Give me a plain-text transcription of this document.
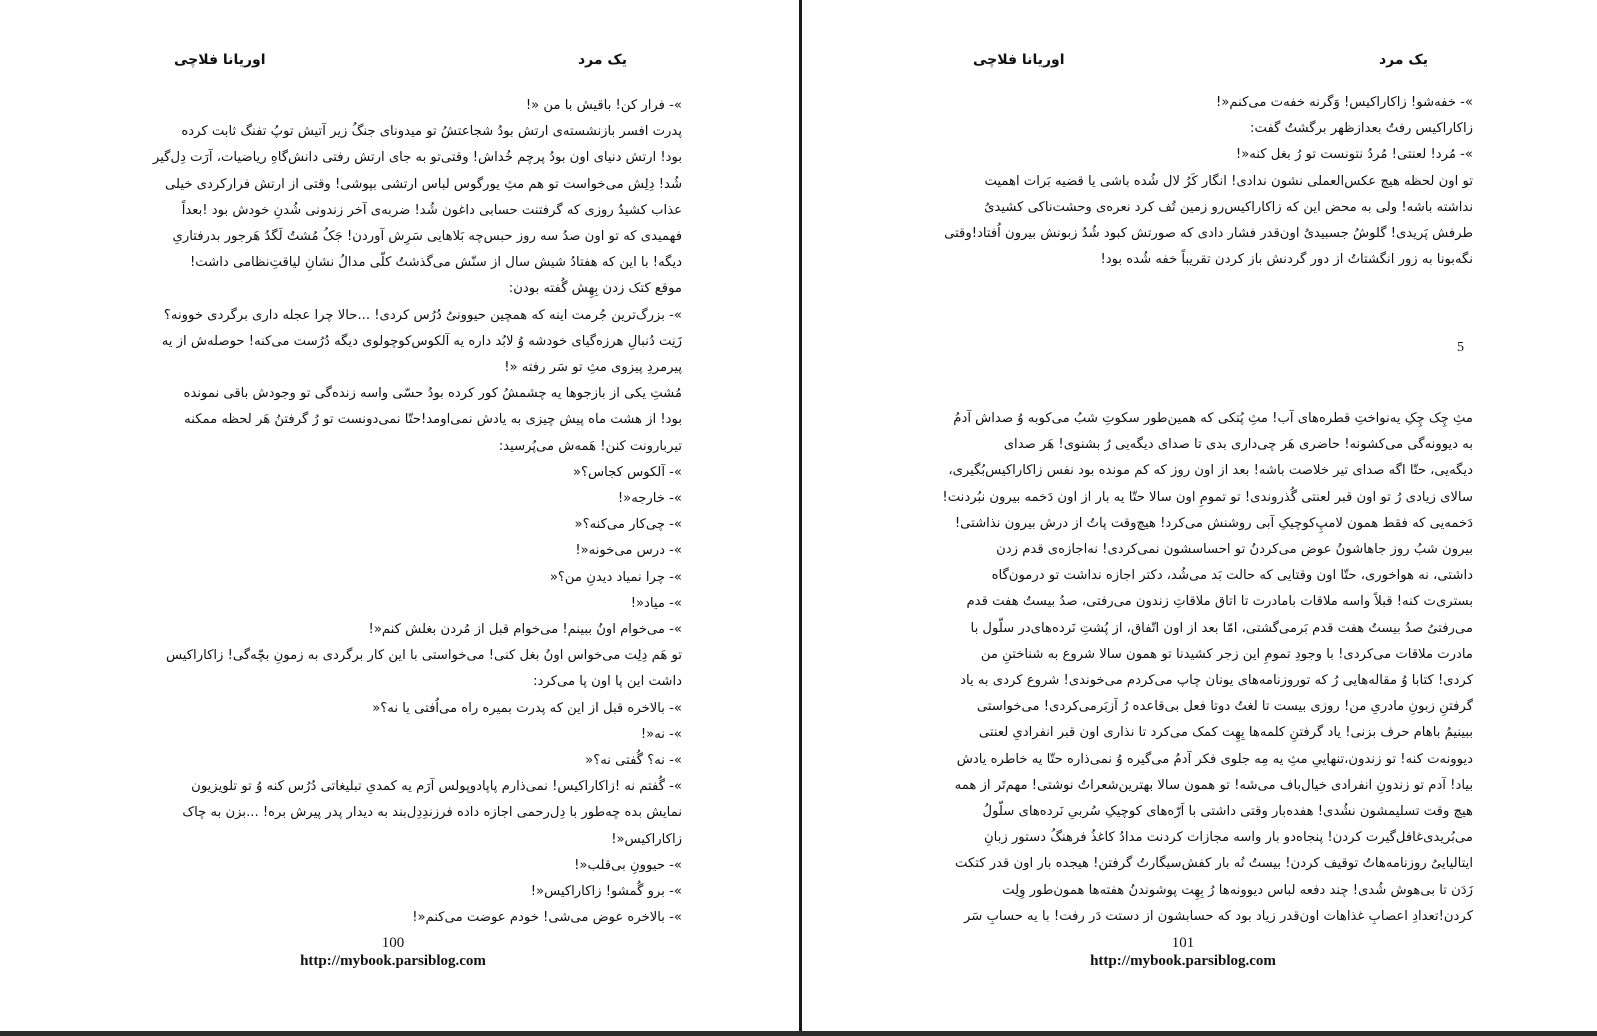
یک مرد
اوریانا فلاچی

»- فرار کن! باقیش با من «!

پدرت افسر بازنشسته‌ی ارتش بودُ شجاعتشُ تو میدونای جنگُ زیر آتیش توپُ تفنگ ثابت کرده

بود! ارتش دنیای اون بودُ پرچم خُداش! وقتی‌تو به جای ارتش رفتی دانش‌گاهِ ریاضیات، آرَت دِل‌گیر

شُد! دِلِش می‌خواست تو هم مثِ یورگوس لباس ارتشی بپوشی! وقتی از ارتش فرارکردی خیلی

عذاب کشیدُ روزی که گرفتنت حسابی داغون شُد! ضربه‌ی آخر زندونی شُدنِ خودش بود !بعداً

فهمیدی که تو اون صدُ سه روز حبس‌چه بَلاهایی سَرِش آوردن! جَکُ مُشتُ لَگدُ هَرجور بدرفتاریِ

دیگه! با این که هفتادُ شیش سال از سنّش می‌گذشتُ کلّی مدالُ نشانِ لیاقتِ‌نظامی داشت!

موقع کتک زدن بِهِش گُفته بودن:

»- بزرگ‌ترین جُرمت اینه که همچین حیوونیُ دُرُس کردی! ...حالا چرا عجله داری برگردی خوونه؟

زَنِت دُنبالِ هرزه‌گیای خودشه وُ لابُد داره یه آلکوس‌کوچولوی دیگه دُرُست می‌کنه! حوصله‌ش از یه

پیرمردِ پیزوی مثِ تو سَر رفته «!

مُشتِ یکی از بازجوها یه چشمشُ کور کرده بودُ حسّی واسه زنده‌گی تو وجودش باقی نمونده

بود! از هشت ماه پیش چیزی به یادش نمی‌اومد!حتّا نمی‌دونست تو رُ گرفتنُ هَر لحظه ممکنه

تیربارونت کنن! هَمه‌ش می‌پُرسید:

»- آلکوس کجاس؟«

»- خارجه«!

»- چی‌کار می‌کنه؟«

»- درس می‌خونه«!

»- چرا نمیاد دیدنِ من؟«

»- میاد«!

»- می‌خوام اونُ ببینم! می‌خوام قبل از مُردن بغلش کنم«!

تو هَم دِلِت می‌خواس اونُ بغل کنی! می‌خواستی با این کار برگردی به زمونِ بچّه‌گی! زاکاراکیس

داشت این پا اون پا می‌کرد:

»- بالاخره قبل از این که پدرت بمیره راه می‌اُفتی یا نه؟«

»- نه«!

»- نه؟ گُفتی نه؟«

»- گُفتم نه !زاکاراکیس! نمی‌ذارم پاپادوپولس آرَم یه کمدیِ تبلیغاتی دُرُس کنه وُ تو تلویزیون

نمایش بده چه‌طور با دِل‌رحمی اجازه داده فرزندِدِل‌بند به دیدار پدر پیرش بره! ...بزن به چاک

زاکاراکیس«!

»- حیوونِ بی‌قلب«!

»- برو گُمشو! زاکاراکیس«!

»- بالاخره عوض می‌شی! خودم عوضت می‌کنم«!

100
http://mybook.parsiblog.com
یک مرد
اوریانا فلاچی

»- خفه‌شو! زاکاراکیس! وَگرنه خفه‌ت می‌کنم«!

زاکاراکیس رفتُ بعدازظهر برگشتُ گفت:

»- مُرد! لعنتی! مُردُ نتونست تو رُ بغل کنه«!

تو اون لحظه هیچ عکس‌العملی نشون ندادی! انگار کَرُ لال شُده باشی یا قضیه بَرات اهمیت

نداشته باشه! ولی به محض این که زاکاراکیس‌رو زمین تُف کرد نعره‌ی وحشت‌ناکی کشیدیُ

طرفش پَریدی! گلوشُ جسبیدیُ اون‌قدر فشار دادی که صورتش کبود شُدُ زبونش بیرون اُفتاد!وقتی

نگه‌بونا به زور انگشتاتُ از دور گردنش باز کردن تقریباً خفه شُده بود!

5

مثِ چِک چِکِ یه‌نواختِ قطره‌های آب! مثِ پُتکی که همین‌طور سکوتِ شبُ می‌کوبه وُ صداش آدمُ

به دیوونه‌گی می‌کشونه! حاضری هَر چی‌داری بدی تا صدای دیگه‌یی رُ بشنوی! هَر صدای

دیگه‌یی، حتّا اگه صدای تیر خلاصت باشه! بعد از اون روز که کم مونده بود نفس زاکاراکیس‌بُگیری،

سالای زیادی رُ تو اون قبر لعنتی گُذروندی! تو تمومِ اون سالا حتّا یه بار از اون دَخمه بیرون نبُردنت!

دَخمه‌یی که فقط همون لامپِ‌کوچیکِ آبی روشنش می‌کرد! هیچ‌وقت پاتُ از درش بیرون نذاشتی!

بیرون شبُ روز جاهاشونُ عوض می‌کردنُ تو احساسشون نمی‌کردی! نه‌اجازه‌ی قدم زدن

داشتی، نه هواخوری، حتّا اون وقتایی که حالت بَد می‌شُد، دکتر اجازه نداشت تو درمون‌گاه

بستری‌ت کنه! قبلاً واسه ملاقات بامادرت تا اتاق ملاقاتِ زندون می‌رفتی، صدُ بیستُ هفت قدم

می‌رفتیُ صدُ بیستُ هفت قدم بَرمی‌گشتی، امّا بعد از اون اتّفاق، از پُشتِ نَرده‌های‌در سلّول با

مادرت ملاقات می‌کردی! با وجودِ تمومِ این زجر کشیدنا تو همون سالا شروع به شناختنِ من

کردی! کتابا وُ مقاله‌هایی رُ که توروزنامه‌های یونان چاپ می‌کردم می‌خوندی! شروع کردی به یاد

گرفتنِ زبونِ مادریِ من! روزی بیست تا لغتُ دوتا فعل بی‌قاعده رُ اَزبَرمی‌کردی! می‌خواستی

ببینیمُ باهام حرف بزنی! یاد گرفتنِ کلمه‌ها بِهِت کمک می‌کرد تا نذاری اون قبر انفرادیِ لعنتی

دیوونه‌ت کنه! تو زندون،تنهاییِ مثِ یه مِه جلوی فکر آدمُ می‌گیره وُ نمی‌ذاره حتّا یه خاطره یادش

بیاد! آدم تو زندونِ انفرادی خیال‌باف می‌شه! تو همون سالا بهترین‌شعراتُ نوشتی! مهم‌تَر از همه

هیچ وقت تسلیمشون نشُدی! هفده‌بار وقتی داشتی با اَرّه‌های کوچیکِ سُربیِ نَرده‌های سلّولُ

می‌بُریدی‌غافل‌گیرت کردن! پنجاه‌دو بار واسه مجازات کردنت مدادُ کاغذُ فرهنگُ دستور زبانِ

ایتالیاییُ روزنامه‌هاتُ توقیف کردن! بیستُ نُه بار کفش‌سیگارتُ گرفتن! هیجده بار اون قدر کتکت

زَدَن تا بی‌هوش شُدی! چند دفعه لباس دیوونه‌ها رُ بِهِت پوشوندنُ هفته‌ها همون‌طور وِلِت

کردن!تعدادِ اعصابِ غذاهات اون‌قدر زیاد بود که حسابشون از دستت دَر رفت! با یه حسابِ سَر

101
http://mybook.parsiblog.com
